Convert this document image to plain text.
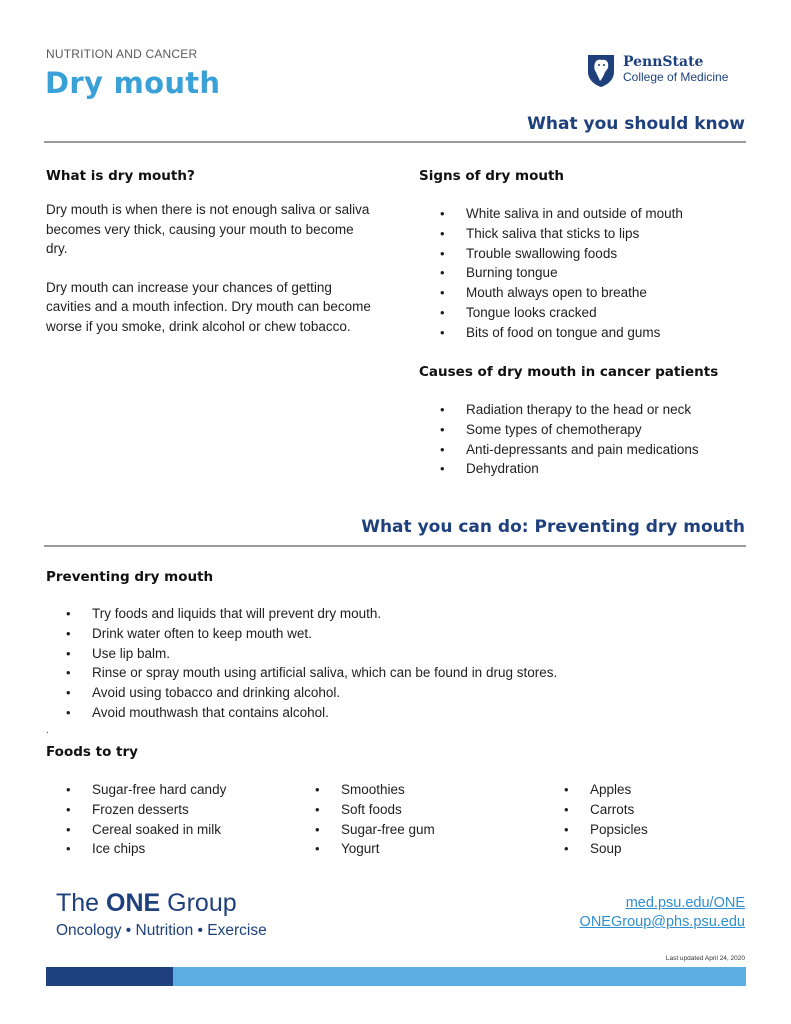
NUTRITION AND CANCER
Dry mouth
PennState
College of Medicine
What you should know
What is dry mouth?

Dry mouth is when there is not enough saliva or saliva becomes very thick, causing your mouth to become dry.

Dry mouth can increase your chances of getting cavities and a mouth infection. Dry mouth can become worse if you smoke, drink alcohol or chew tobacco.

Signs of dry mouth
• White saliva in and outside of mouth
• Thick saliva that sticks to lips
• Trouble swallowing foods
• Burning tongue
• Mouth always open to breathe
• Tongue looks cracked
• Bits of food on tongue and gums
Causes of dry mouth in cancer patients
• Radiation therapy to the head or neck
• Some types of chemotherapy
• Anti-depressants and pain medications
• Dehydration
What you can do: Preventing dry mouth
Preventing dry mouth
• Try foods and liquids that will prevent dry mouth.
• Drink water often to keep mouth wet.
• Use lip balm.
• Rinse or spray mouth using artificial saliva, which can be found in drug stores.
• Avoid using tobacco and drinking alcohol.
• Avoid mouthwash that contains alcohol.
.
Foods to try
• Sugar-free hard candy
• Frozen desserts
• Cereal soaked in milk
• Ice chips
• Smoothies
• Soft foods
• Sugar-free gum
• Yogurt
• Apples
• Carrots
• Popsicles
• Soup
The ONE Group
Oncology • Nutrition • Exercise
med.psu.edu/ONE
ONEGroup@phs.psu.edu
Last updated April 24, 2020
